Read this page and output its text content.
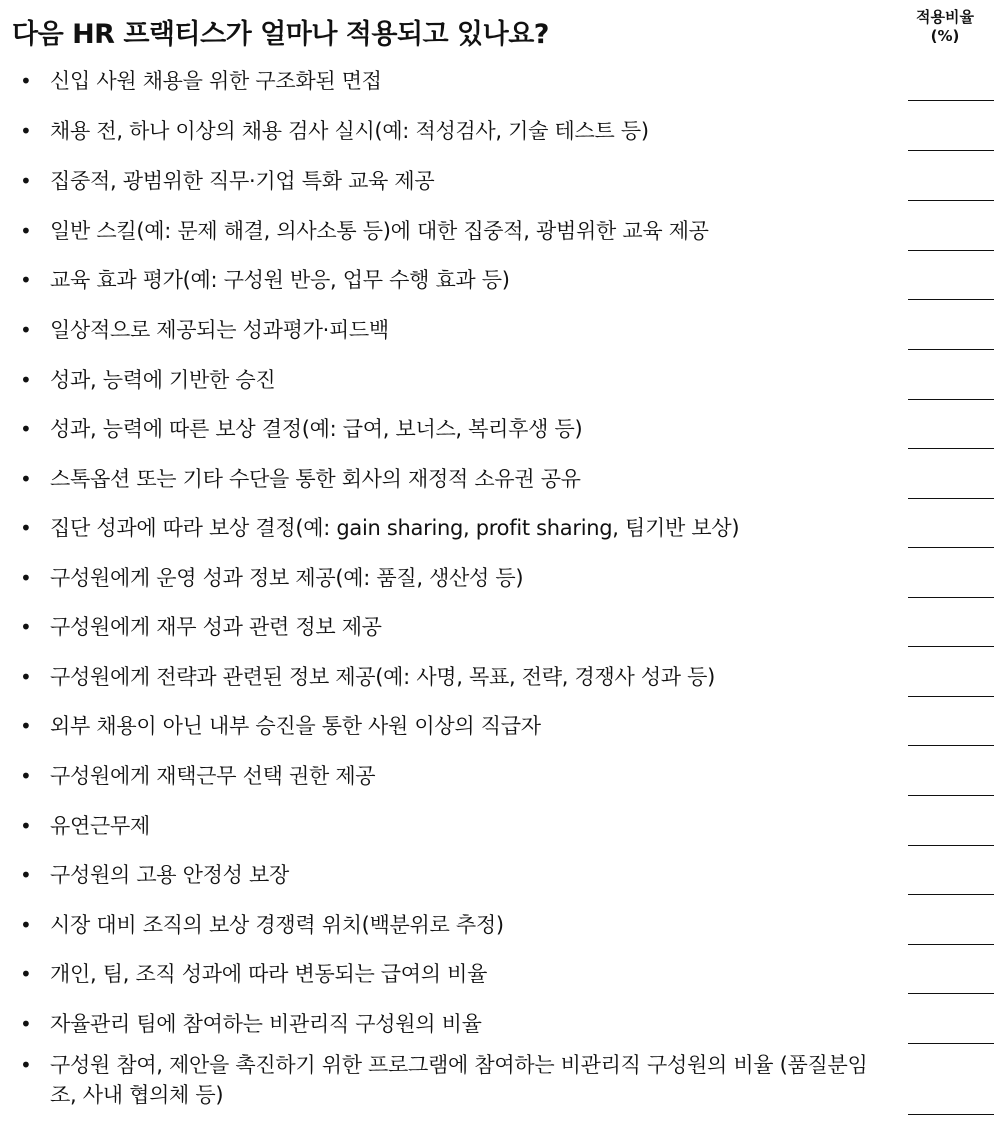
다음 HR 프랙티스가 얼마나 적용되고 있나요?
적용비율
(%)
• 신입 사원 채용을 위한 구조화된 면접
• 채용 전, 하나 이상의 채용 검사 실시(예: 적성검사, 기술 테스트 등)
• 집중적, 광범위한 직무·기업 특화 교육 제공
• 일반 스킬(예: 문제 해결, 의사소통 등)에 대한 집중적, 광범위한 교육 제공
• 교육 효과 평가(예: 구성원 반응, 업무 수행 효과 등)
• 일상적으로 제공되는 성과평가·피드백
• 성과, 능력에 기반한 승진
• 성과, 능력에 따른 보상 결정(예: 급여, 보너스, 복리후생 등)
• 스톡옵션 또는 기타 수단을 통한 회사의 재정적 소유권 공유
• 집단 성과에 따라 보상 결정(예: gain sharing, profit sharing, 팀기반 보상)
• 구성원에게 운영 성과 정보 제공(예: 품질, 생산성 등)
• 구성원에게 재무 성과 관련 정보 제공
• 구성원에게 전략과 관련된 정보 제공(예: 사명, 목표, 전략, 경쟁사 성과 등)
• 외부 채용이 아닌 내부 승진을 통한 사원 이상의 직급자
• 구성원에게 재택근무 선택 권한 제공
• 유연근무제
• 구성원의 고용 안정성 보장
• 시장 대비 조직의 보상 경쟁력 위치(백분위로 추정)
• 개인, 팀, 조직 성과에 따라 변동되는 급여의 비율
• 자율관리 팀에 참여하는 비관리직 구성원의 비율
• 구성원 참여, 제안을 촉진하기 위한 프로그램에 참여하는 비관리직 구성원의 비율 (품질분임조, 사내 협의체 등)
